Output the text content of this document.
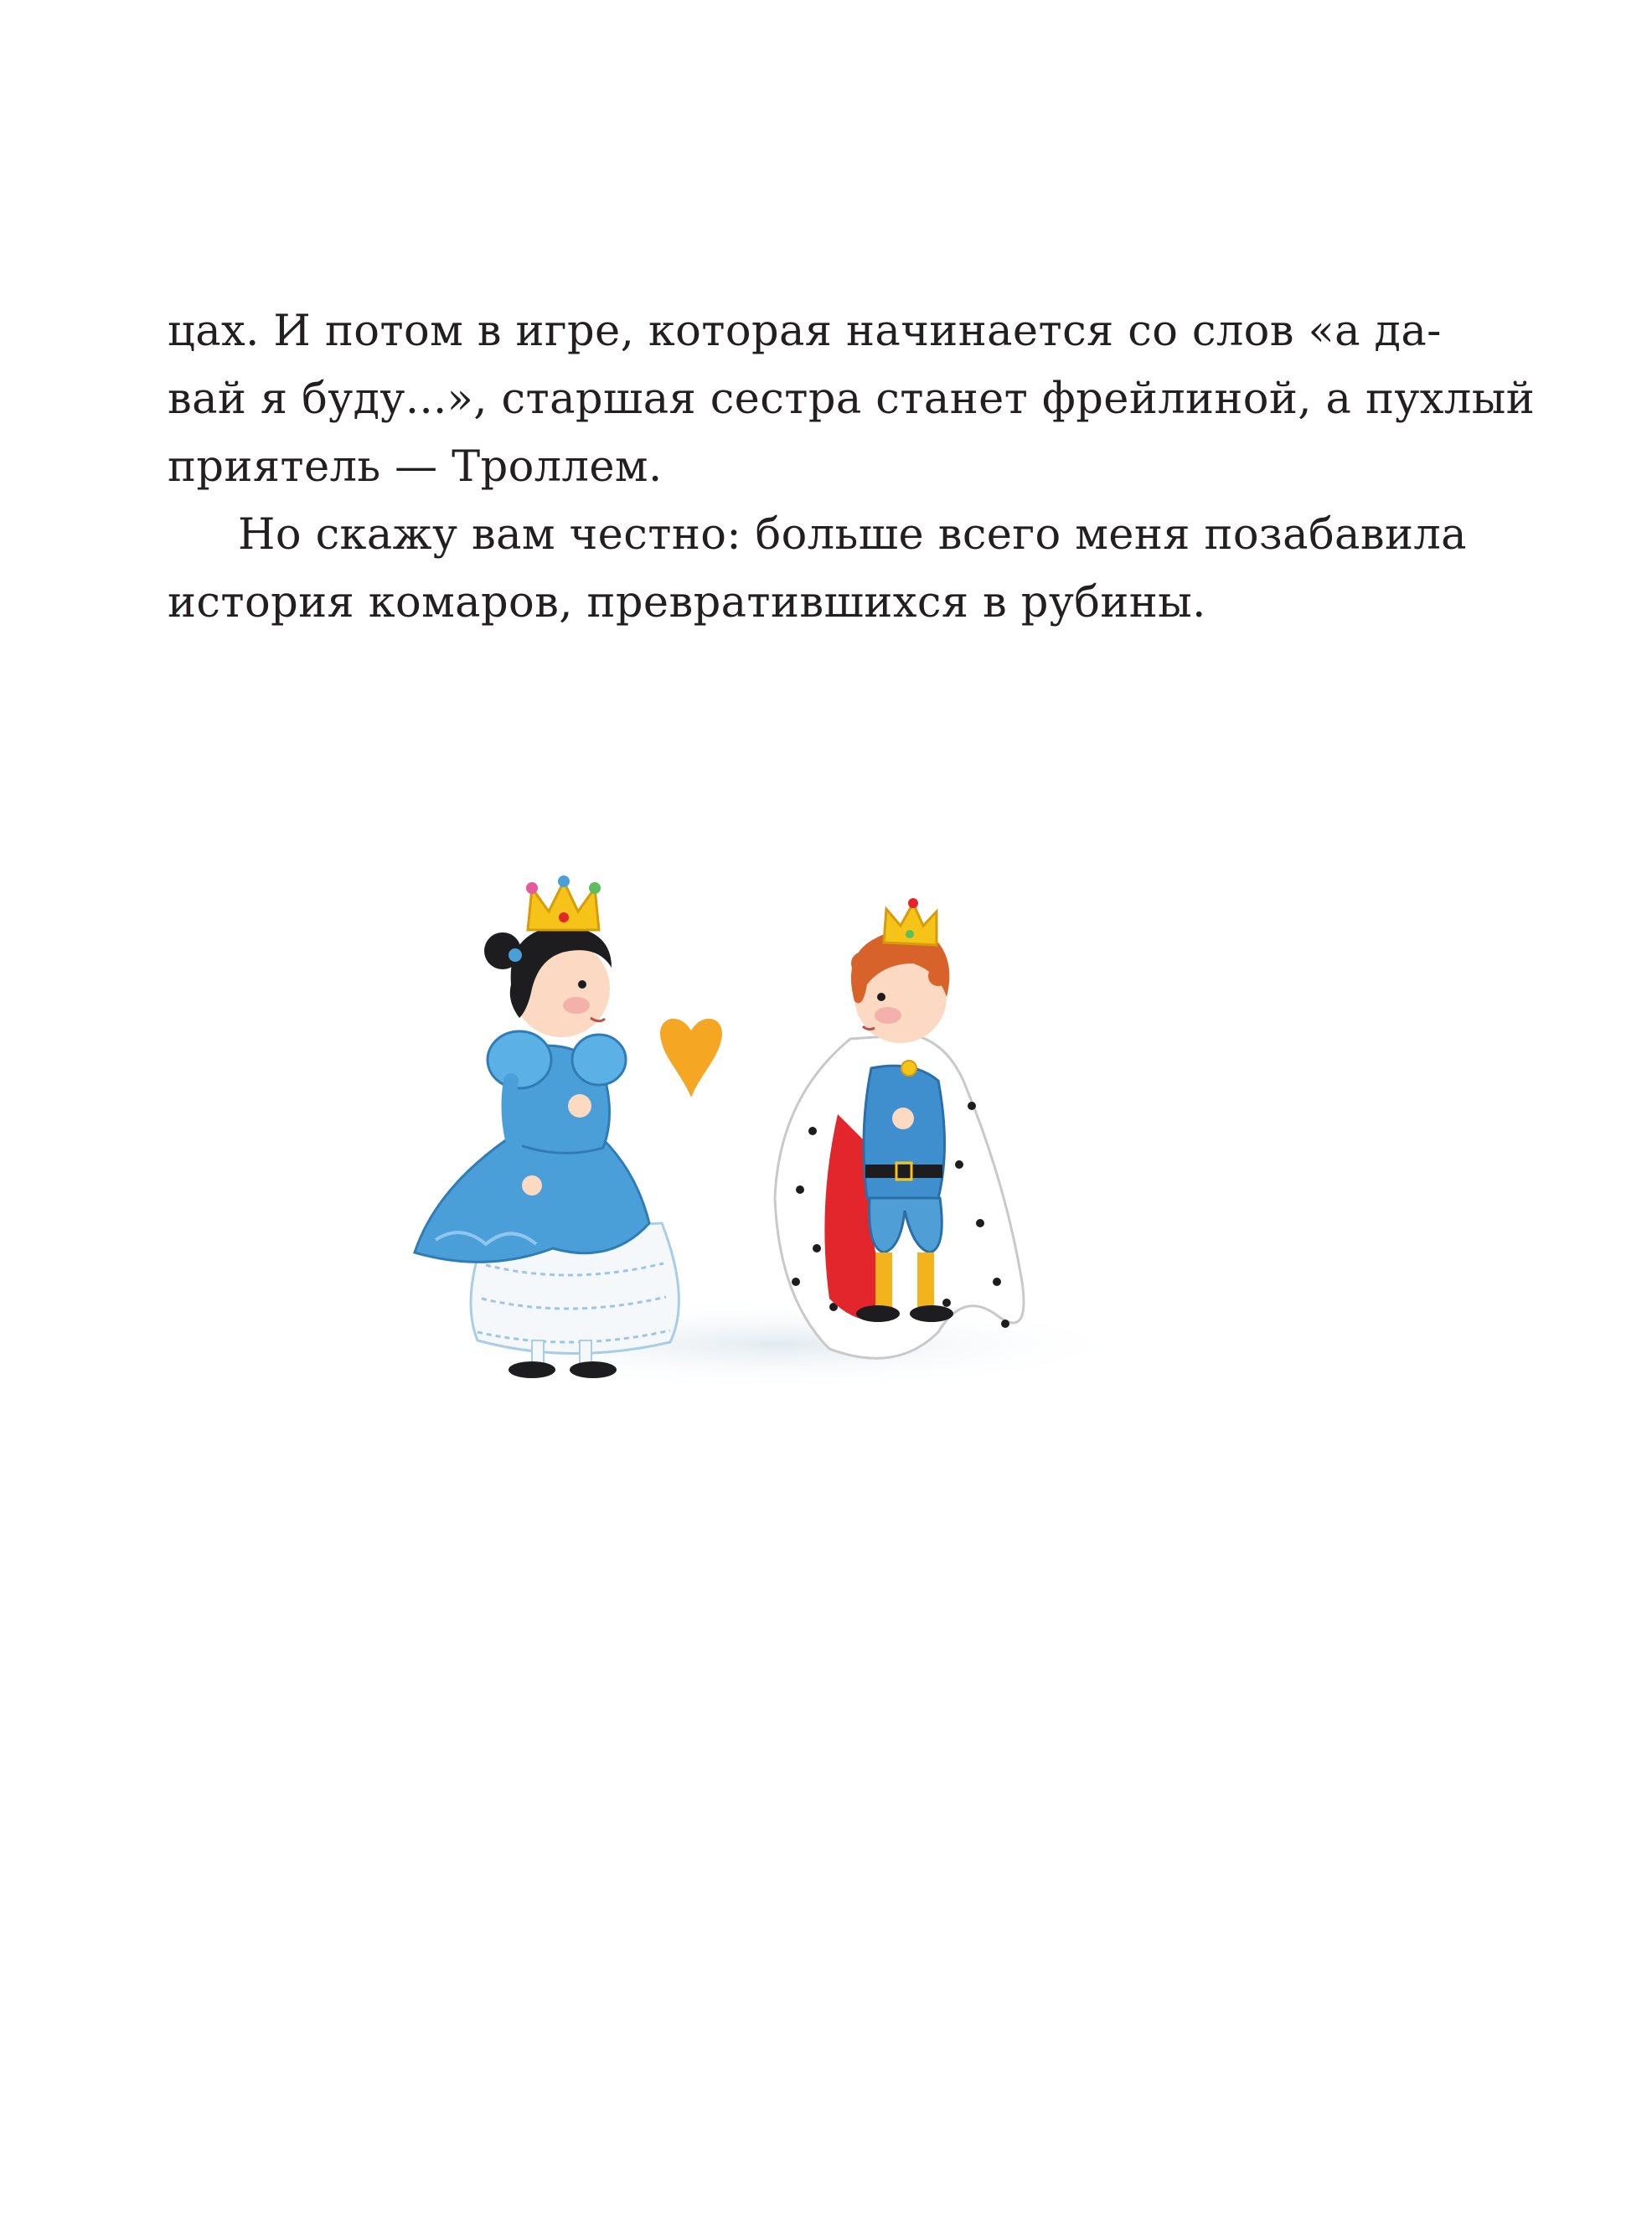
цах. И потом в игре, которая начинается со слов «а да-
вай я буду...», старшая сестра станет фрейлиной, а пухлый
приятель — Троллем.
Но скажу вам честно: больше всего меня позабавила
история комаров, превратившихся в рубины.
